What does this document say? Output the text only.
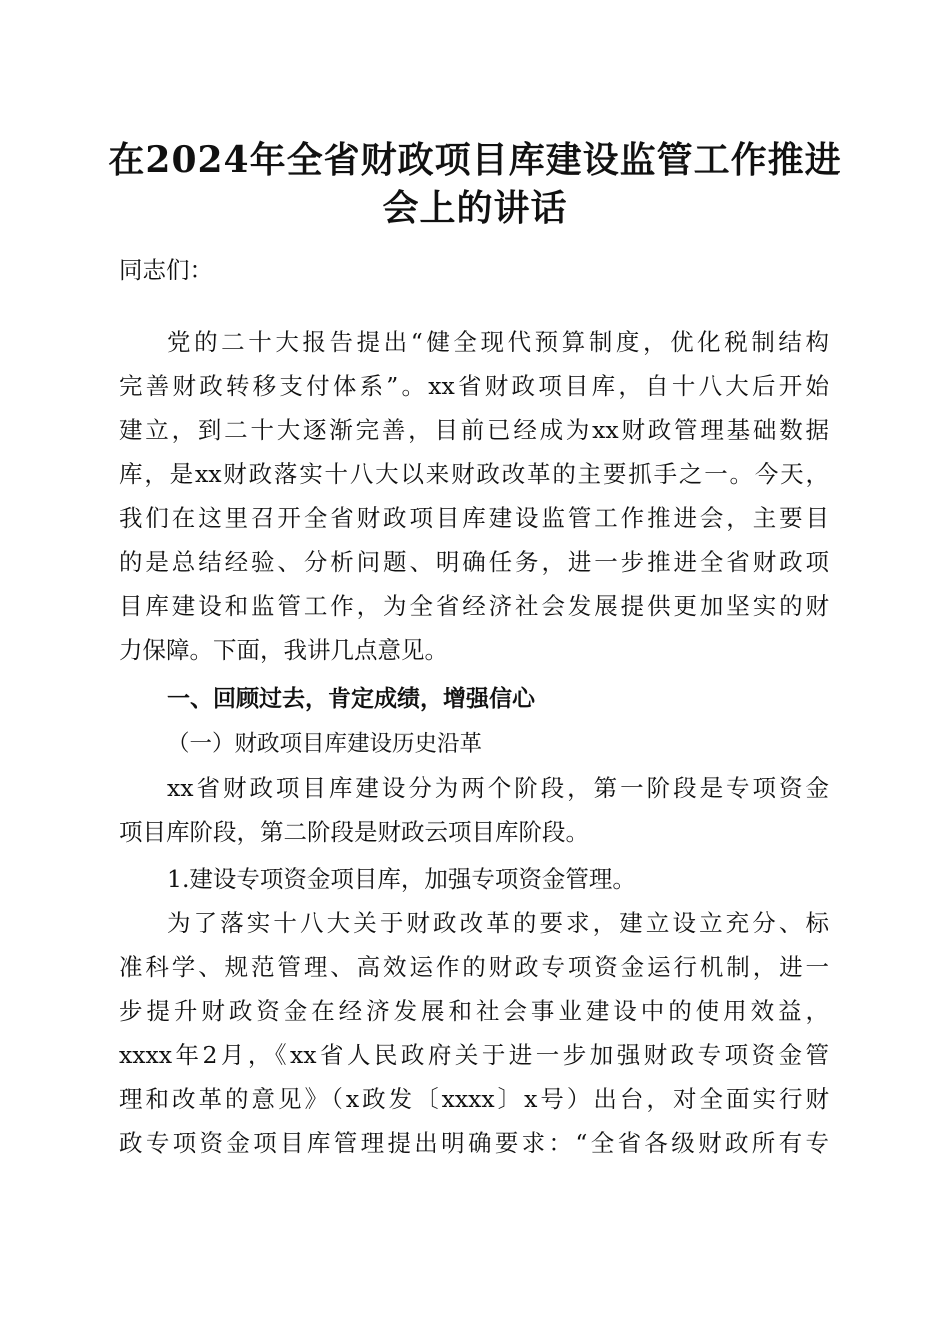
在2024年全省财政项目库建设监管工作推进
会上的讲话

同志们：

党的二十大报告提出“健全现代预算制度，优化税制结构

完善财政转移支付体系”。xx省财政项目库，自十八大后开始

建立，到二十大逐渐完善，目前已经成为xx财政管理基础数据

库，是xx财政落实十八大以来财政改革的主要抓手之一。今天，

我们在这里召开全省财政项目库建设监管工作推进会，主要目

的是总结经验、分析问题、明确任务，进一步推进全省财政项

目库建设和监管工作，为全省经济社会发展提供更加坚实的财

力保障。下面，我讲几点意见。

一、回顾过去，肯定成绩，增强信心

（一）财政项目库建设历史沿革

xx省财政项目库建设分为两个阶段，第一阶段是专项资金

项目库阶段，第二阶段是财政云项目库阶段。

1.建设专项资金项目库，加强专项资金管理。

为了落实十八大关于财政改革的要求，建立设立充分、标

准科学、规范管理、高效运作的财政专项资金运行机制，进一

步提升财政资金在经济发展和社会事业建设中的使用效益，

xxxx年2月，《xx省人民政府关于进一步加强财政专项资金管

理和改革的意见》（x政发〔xxxx〕x号）出台，对全面实行财

政专项资金项目库管理提出明确要求：“全省各级财政所有专
